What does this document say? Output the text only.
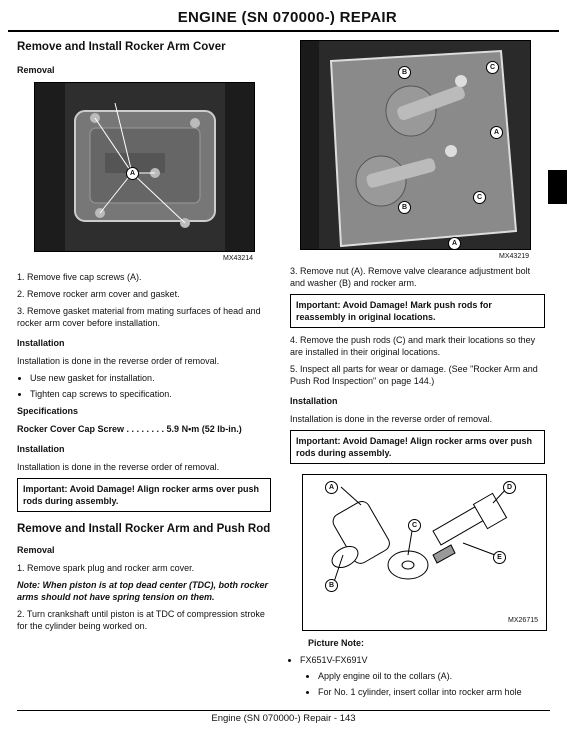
ENGINE (SN 070000-) REPAIR
Remove and Install Rocker Arm Cover
Removal
A
MX43214

1. Remove five cap screws (A).

2. Remove rocker arm cover and gasket.

3. Remove gasket material from mating surfaces of head and rocker arm cover before installation.

Installation

Installation is done in the reverse order of removal.

• Use new gasket for installation.
• Tighten cap screws to specification.
Specifications
Rocker Cover Cap Screw . . . . . . . . 5.9 N•m (52 lb-in.)
Installation

Installation is done in the reverse order of removal.

Important: Avoid Damage! Align rocker arms over push rods during assembly.
Remove and Install Rocker Arm and Push Rod
Removal

1. Remove spark plug and rocker arm cover.

Note: When piston is at top dead center (TDC), both rocker arms should not have spring tension on them.

2. Turn crankshaft until piston is at TDC of compression stroke for the cylinder being worked on.

B
B
A
C
C
A
MX43219

3. Remove nut (A). Remove valve clearance adjustment bolt and washer (B) and rocker arm.

Important: Avoid Damage! Mark push rods for reassembly in original locations.

4. Remove the push rods (C) and mark their locations so they are installed in their original locations.

5. Inspect all parts for wear or damage. (See "Rocker Arm and Push Rod Inspection" on page 144.)

Installation

Installation is done in the reverse order of removal.

Important: Avoid Damage! Align rocker arms over push rods during assembly.
A
B
C
D
E
MX26715

Picture Note:

• FX651V-FX691V
• Apply engine oil to the collars (A).
• For No. 1 cylinder, insert collar into rocker arm hole
Engine (SN 070000-) Repair - 143
